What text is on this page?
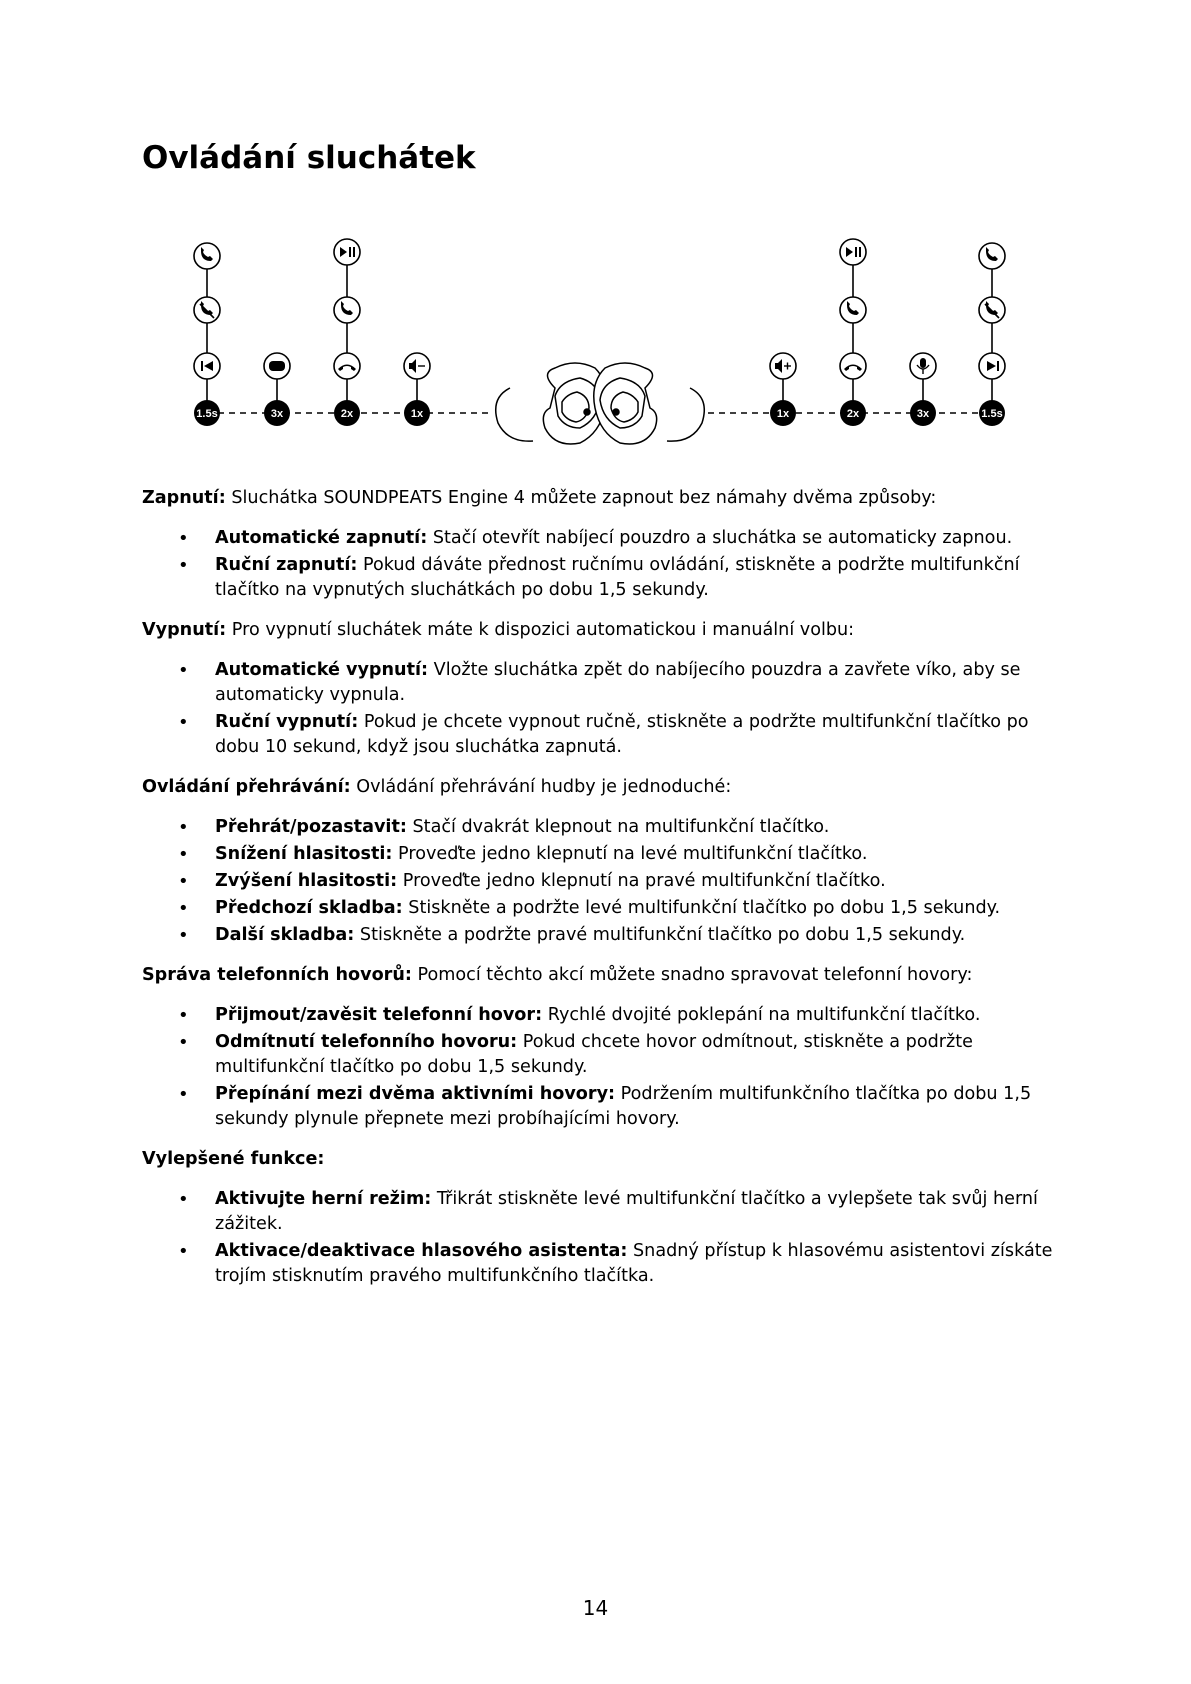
Ovládání sluchátek
1.5s	3x	2x	1x	1x	2x	3x	1.5s

Zapnutí: Sluchátka SOUNDPEATS Engine 4 můžete zapnout bez námahy dvěma způsoby:

• Automatické zapnutí: Stačí otevřít nabíjecí pouzdro a sluchátka se automaticky zapnou.
• Ruční zapnutí: Pokud dáváte přednost ručnímu ovládání, stiskněte a podržte multifunkční tlačítko na vypnutých sluchátkách po dobu 1,5 sekundy.

Vypnutí: Pro vypnutí sluchátek máte k dispozici automatickou i manuální volbu:

• Automatické vypnutí: Vložte sluchátka zpět do nabíjecího pouzdra a zavřete víko, aby se automaticky vypnula.
• Ruční vypnutí: Pokud je chcete vypnout ručně, stiskněte a podržte multifunkční tlačítko po dobu 10 sekund, když jsou sluchátka zapnutá.

Ovládání přehrávání: Ovládání přehrávání hudby je jednoduché:

• Přehrát/pozastavit: Stačí dvakrát klepnout na multifunkční tlačítko.
• Snížení hlasitosti: Proveďte jedno klepnutí na levé multifunkční tlačítko.
• Zvýšení hlasitosti: Proveďte jedno klepnutí na pravé multifunkční tlačítko.
• Předchozí skladba: Stiskněte a podržte levé multifunkční tlačítko po dobu 1,5 sekundy.
• Další skladba: Stiskněte a podržte pravé multifunkční tlačítko po dobu 1,5 sekundy.

Správa telefonních hovorů: Pomocí těchto akcí můžete snadno spravovat telefonní hovory:

• Přijmout/zavěsit telefonní hovor: Rychlé dvojité poklepání na multifunkční tlačítko.
• Odmítnutí telefonního hovoru: Pokud chcete hovor odmítnout, stiskněte a podržte multifunkční tlačítko po dobu 1,5 sekundy.
• Přepínání mezi dvěma aktivními hovory: Podržením multifunkčního tlačítka po dobu 1,5 sekundy plynule přepnete mezi probíhajícími hovory.

Vylepšené funkce:

• Aktivujte herní režim: Třikrát stiskněte levé multifunkční tlačítko a vylepšete tak svůj herní zážitek.
• Aktivace/deaktivace hlasového asistenta: Snadný přístup k hlasovému asistentovi získáte trojím stisknutím pravého multifunkčního tlačítka.
14
